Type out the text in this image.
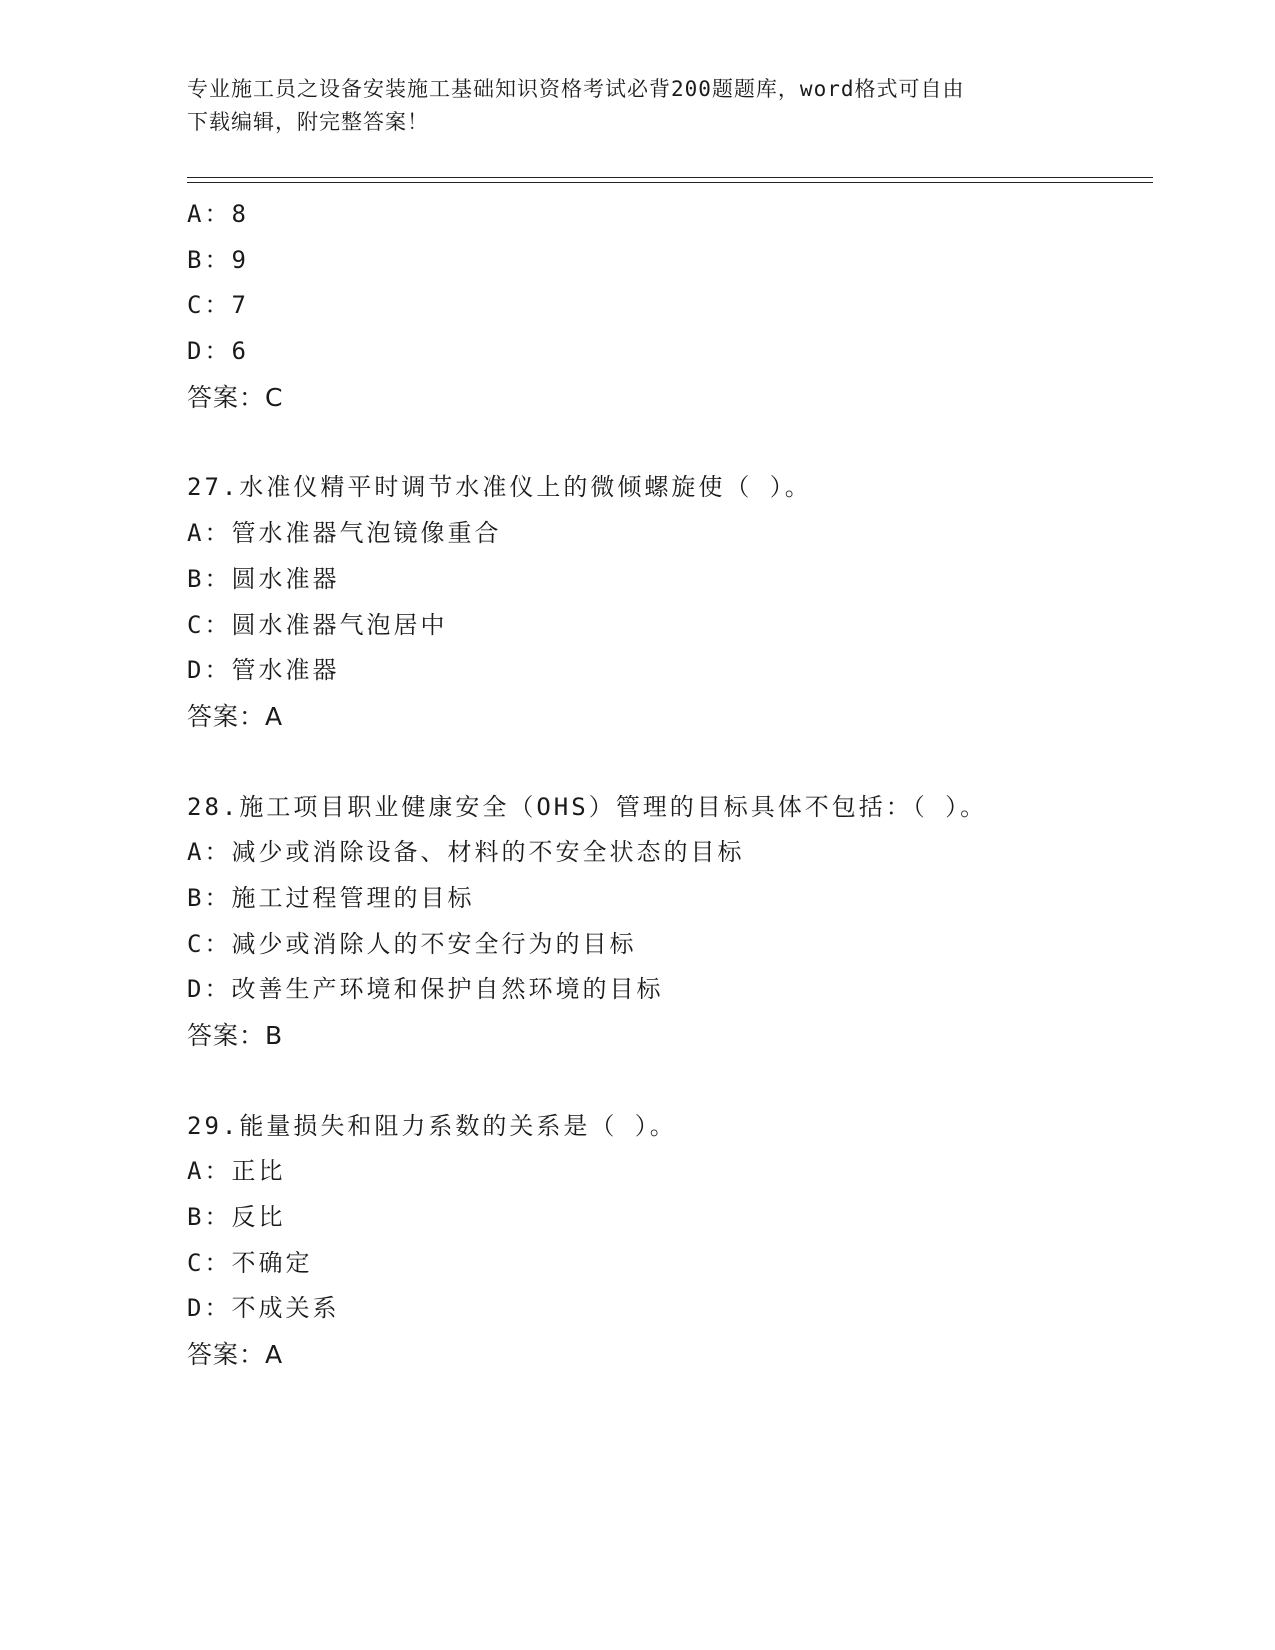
专业施工员之设备安装施工基础知识资格考试必背200题题库，word格式可自由
下载编辑，附完整答案！
A：8
B：9
C：7
D：6
答案：C
27.水准仪精平时调节水准仪上的微倾螺旋使（ ）。
A：管水准器气泡镜像重合
B：圆水准器
C：圆水准器气泡居中
D：管水准器
答案：A
28.施工项目职业健康安全（OHS）管理的目标具体不包括：（ ）。
A：减少或消除设备、材料的不安全状态的目标
B：施工过程管理的目标
C：减少或消除人的不安全行为的目标
D：改善生产环境和保护自然环境的目标
答案：B
29.能量损失和阻力系数的关系是（ ）。
A：正比
B：反比
C：不确定
D：不成关系
答案：A
